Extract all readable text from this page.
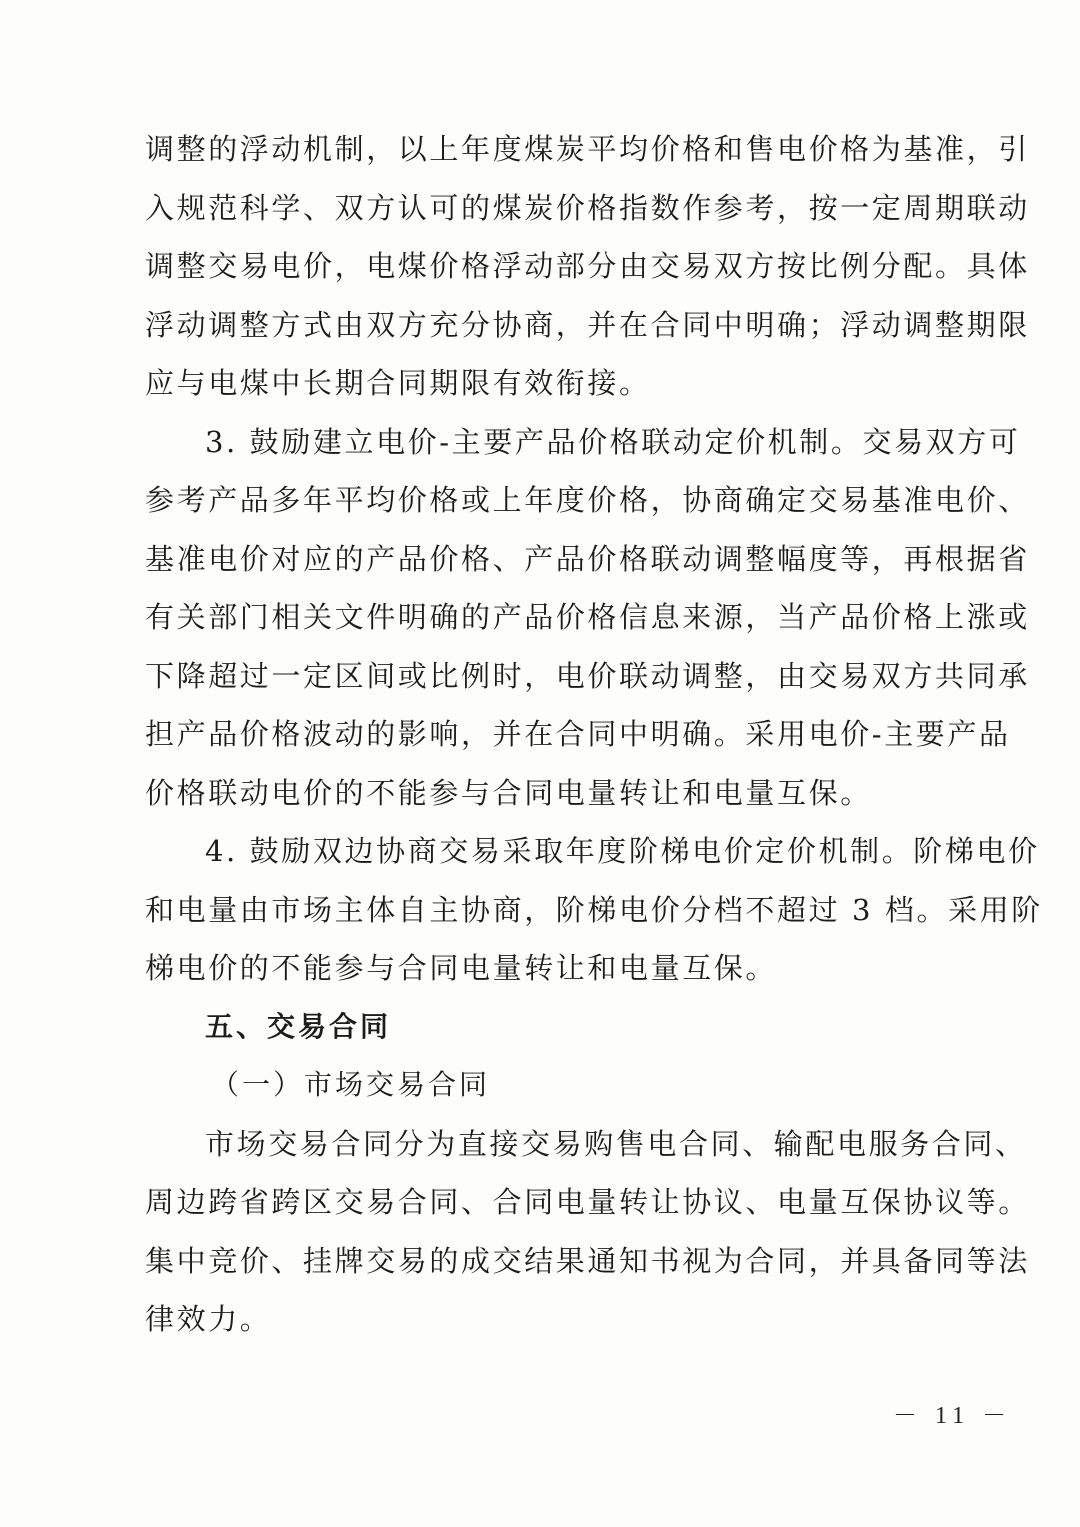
调整的浮动机制，以上年度煤炭平均价格和售电价格为基准，引
入规范科学、双方认可的煤炭价格指数作参考，按一定周期联动
调整交易电价，电煤价格浮动部分由交易双方按比例分配。具体
浮动调整方式由双方充分协商，并在合同中明确；浮动调整期限
应与电煤中长期合同期限有效衔接。
3. 鼓励建立电价-主要产品价格联动定价机制。交易双方可
参考产品多年平均价格或上年度价格，协商确定交易基准电价、
基准电价对应的产品价格、产品价格联动调整幅度等，再根据省
有关部门相关文件明确的产品价格信息来源，当产品价格上涨或
下降超过一定区间或比例时，电价联动调整，由交易双方共同承
担产品价格波动的影响，并在合同中明确。采用电价-主要产品
价格联动电价的不能参与合同电量转让和电量互保。
4. 鼓励双边协商交易采取年度阶梯电价定价机制。阶梯电价
和电量由市场主体自主协商，阶梯电价分档不超过 3 档。采用阶
梯电价的不能参与合同电量转让和电量互保。
五、交易合同
（一）市场交易合同
市场交易合同分为直接交易购售电合同、输配电服务合同、
周边跨省跨区交易合同、合同电量转让协议、电量互保协议等。
集中竞价、挂牌交易的成交结果通知书视为合同，并具备同等法
律效力。
－ 11 －
